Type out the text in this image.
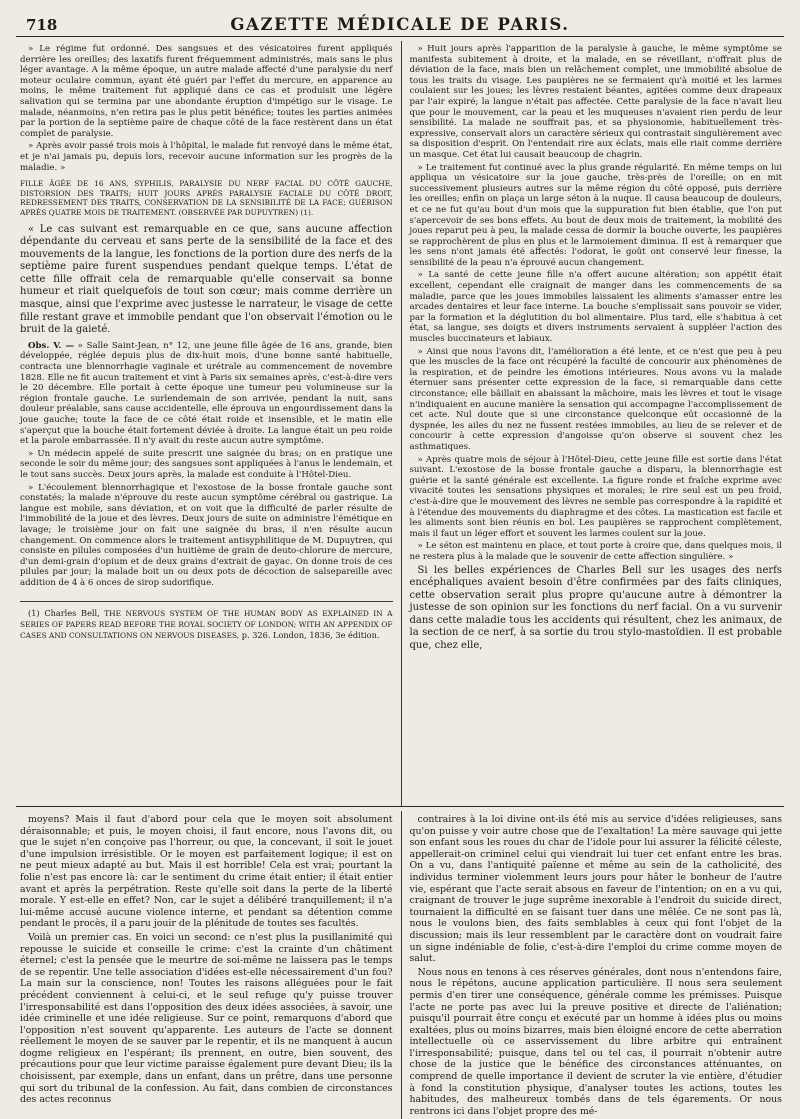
718	GAZETTE MÉDICALE DE PARIS.

» Le régime fut ordonné. Des sangsues et des vésicatoires furent appliqués derrière les oreilles; des laxatifs furent fréquemment administrés, mais sans le plus léger avantage. A la même époque, un autre malade affecté d'une paralysie du nerf moteur oculaire commun, ayant été guéri par l'effet du mercure, en apparence au moins, le même traitement fut appliqué dans ce cas et produisit une légère salivation qui se termina par une abondante éruption d'impétigo sur le visage. Le malade, néanmoins, n'en retira pas le plus petit bénéfice; toutes les parties animées par la portion de la septième paire de chaque côté de la face restèrent dans un état complet de paralysie.

» Après avoir passé trois mois à l'hôpital, le malade fut renvoyé dans le même état, et je n'ai jamais pu, depuis lors, recevoir aucune information sur les progrès de la maladie. »

FILLE ÂGÉE DE 16 ANS, SYPHILIS, PARALYSIE DU NERF FACIAL DU CÔTÉ GAUCHE, DISTORSION DES TRAITS; HUIT JOURS APRÈS PARALYSIE FACIALE DU CÔTÉ DROIT, REDRESSEMENT DES TRAITS, CONSERVATION DE LA SENSIBILITÉ DE LA FACE; GUÉRISON APRÈS QUATRE MOIS DE TRAITEMENT. (OBSERVÉE PAR DUPUYTREN) (1).

« Le cas suivant est remarquable en ce que, sans aucune affection dépendante du cerveau et sans perte de la sensibilité de la face et des mouvements de la langue, les fonctions de la portion dure des nerfs de la septième paire furent suspendues pendant quelque temps. L'état de cette fille offrait cela de remarquable qu'elle conservait sa bonne humeur et riait quelquefois de tout son cœur; mais comme derrière un masque, ainsi que l'exprime avec justesse le narrateur, le visage de cette fille restant grave et immobile pendant que l'on observait l'émotion ou le bruit de la gaieté.

Obs. V. — » Salle Saint-Jean, n° 12, une jeune fille âgée de 16 ans, grande, bien développée, réglée depuis plus de dix-huit mois, d'une bonne santé habituelle, contracta une blennorrhagie vaginale et urétrale au commencement de novembre 1828. Elle ne fit aucun traitement et vint à Paris six semaines après, c'est-à-dire vers le 20 décembre. Elle portait à cette époque une tumeur peu volumineuse sur la région frontale gauche. Le surlendemain de son arrivée, pendant la nuit, sans douleur préalable, sans cause accidentelle, elle éprouva un engourdissement dans la joue gauche; toute la face de ce côté était roide et insensible, et le matin elle s'aperçut que la bouche était fortement déviée à droite. La langue était un peu roide et la parole embarrassée. Il n'y avait du reste aucun autre symptôme.

» Un médecin appelé de suite prescrit une saignée du bras; on en pratique une seconde le soir du même jour; des sangsues sont appliquées à l'anus le lendemain, et le tout sans succès. Deux jours après, la malade est conduite à l'Hôtel-Dieu.

» L'écoulement blennorrhagique et l'exostose de la bosse frontale gauche sont constatés; la malade n'éprouve du reste aucun symptôme cérébral ou gastrique. La langue est mobile, sans déviation, et on voit que la difficulté de parler résulte de l'immobilité de la joue et des lèvres. Deux jours de suite on administre l'émétique en lavage; le troisième jour on fait une saignée du bras, il n'en résulte aucun changement. On commence alors le traitement antisyphilitique de M. Dupuytren, qui consiste en pilules composées d'un huitième de grain de deuto-chlorure de mercure, d'un demi-grain d'opium et de deux grains d'extrait de gayac. On donne trois de ces pilules par jour; la malade boit un ou deux pots de décoction de salsepareille avec addition de 4 à 6 onces de sirop sudorifique.

(1) Charles Bell, THE NERVOUS SYSTEM OF THE HUMAN BODY AS EXPLAINED IN A SERIES OF PAPERS READ BEFORE THE ROYAL SOCIETY OF LONDON; WITH AN APPENDIX OF CASES AND CONSULTATIONS ON NERVOUS DISEASES, p. 326. London, 1836, 3e édition.

» Huit jours après l'apparition de la paralysie à gauche, le même symptôme se manifesta subitement à droite, et la malade, en se réveillant, n'offrait plus de déviation de la face, mais bien un relâchement complet, une immobilité absolue de tous les traits du visage. Les paupières ne se fermaient qu'à moitié et les larmes coulaient sur les joues; les lèvres restaient béantes, agitées comme deux drapeaux par l'air expiré; la langue n'était pas affectée. Cette paralysie de la face n'avait lieu que pour le mouvement, car la peau et les muqueuses n'avaient rien perdu de leur sensibilité. La malade ne souffrait pas, et sa physionomie, habituellement très-expressive, conservait alors un caractère sérieux qui contrastait singulièrement avec sa disposition d'esprit. On l'entendait rire aux éclats, mais elle riait comme derrière un masque. Cet état lui causait beaucoup de chagrin.

» Le traitement fut continué avec la plus grande régularité. En même temps on lui appliqua un vésicatoire sur la joue gauche, très-près de l'oreille; on en mit successivement plusieurs autres sur la même région du côté opposé, puis derrière les oreilles; enfin on plaça un large séton à la nuque. Il causa beaucoup de douleurs, et ce ne fut qu'au bout d'un mois que la suppuration fut bien établie, que l'on put s'apercevoir de ses bons effets. Au bout de deux mois de traitement, la mobilité des joues reparut peu à peu, la malade cessa de dormir la bouche ouverte, les paupières se rapprochèrent de plus en plus et le larmoiement diminua. Il est à remarquer que les sens n'ont jamais été affectés: l'odorat, le goût ont conservé leur finesse, la sensibilité de la peau n'a éprouvé aucun changement.

» La santé de cette jeune fille n'a offert aucune altération; son appétit était excellent, cependant elle craignait de manger dans les commencements de sa maladie, parce que les joues immobiles laissaient les aliments s'amasser entre les arcades dentaires et leur face interne. La bouche s'emplissait sans pouvoir se vider, par la formation et la déglutition du bol alimentaire. Plus tard, elle s'habitua à cet état, sa langue, ses doigts et divers instruments servaient à suppléer l'action des muscles buccinateurs et labiaux.

» Ainsi que nous l'avons dit, l'amélioration a été lente, et ce n'est que peu à peu que les muscles de la face ont récupéré la faculté de concourir aux phénomènes de la respiration, et de peindre les émotions intérieures. Nous avons vu la malade éternuer sans présenter cette expression de la face, si remarquable dans cette circonstance; elle bâillait en abaissant la mâchoire, mais les lèvres et tout le visage n'indiquaient en aucune manière la sensation qui accompagne l'accomplissement de cet acte. Nul doute que si une circonstance quelconque eût occasionné de la dyspnée, les ailes du nez ne fussent restées immobiles, au lieu de se relever et de concourir à cette expression d'angoisse qu'on observe si souvent chez les asthmatiques.

» Après quatre mois de séjour à l'Hôtel-Dieu, cette jeune fille est sortie dans l'état suivant. L'exostose de la bosse frontale gauche a disparu, la blennorrhagie est guérie et la santé générale est excellente. La figure ronde et fraîche exprime avec vivacité toutes les sensations physiques et morales; le rire seul est un peu froid, c'est-à-dire que le mouvement des lèvres ne semble pas correspondre à la rapidité et à l'étendue des mouvements du diaphragme et des côtes. La mastication est facile et les aliments sont bien réunis en bol. Les paupières se rapprochent complètement, mais il faut un léger effort et souvent les larmes coulent sur la joue.

» Le séton est maintenu en place, et tout porte à croire que, dans quelques mois, il ne restera plus à la malade que le souvenir de cette affection singulière. »

Si les belles expériences de Charles Bell sur les usages des nerfs encéphaliques avaient besoin d'être confirmées par des faits cliniques, cette observation serait plus propre qu'aucune autre à démontrer la justesse de son opinion sur les fonctions du nerf facial. On a vu survenir dans cette maladie tous les accidents qui résultent, chez les animaux, de la section de ce nerf, à sa sortie du trou stylo-mastoïdien. Il est probable que, chez elle,

moyens? Mais il faut d'abord pour cela que le moyen soit absolument déraisonnable; et puis, le moyen choisi, il faut encore, nous l'avons dit, ou que le sujet n'en conçoive pas l'horreur, ou que, la concevant, il soit le jouet d'une impulsion irrésistible. Or le moyen est parfaitement logique; il est on ne peut mieux adapté au but. Mais il est horrible! Cela est vrai; pourtant la folie n'est pas encore là: car le sentiment du crime était entier; il était entier avant et après la perpétration. Reste qu'elle soit dans la perte de la liberté morale. Y est-elle en effet? Non, car le sujet a délibéré tranquillement; il n'a lui-même accusé aucune violence interne, et pendant sa détention comme pendant le procès, il a paru jouir de la plénitude de toutes ses facultés.

Voilà un premier cas. En voici un second: ce n'est plus la pusillanimité qui repousse le suicide et conseille le crime: c'est la crainte d'un châtiment éternel; c'est la pensée que le meurtre de soi-même ne laissera pas le temps de se repentir. Une telle association d'idées est-elle nécessairement d'un fou? La main sur la conscience, non! Toutes les raisons alléguées pour le fait précédent conviennent à celui-ci, et le seul refuge qu'y puisse trouver l'irresponsabilité est dans l'opposition des deux idées associées, à savoir, une idée criminelle et une idée religieuse. Sur ce point, remarquons d'abord que l'opposition n'est souvent qu'apparente. Les auteurs de l'acte se donnent réellement le moyen de se sauver par le repentir, et ils ne manquent à aucun dogme religieux en l'espérant; ils prennent, en outre, bien souvent, des précautions pour que leur victime paraisse également pure devant Dieu; ils la choisissent, par exemple, dans un enfant, dans un prêtre, dans une personne qui sort du tribunal de la confession. Au fait, dans combien de circonstances des actes reconnus

contraires à la loi divine ont-ils été mis au service d'idées religieuses, sans qu'on puisse y voir autre chose que de l'exaltation! La mère sauvage qui jette son enfant sous les roues du char de l'idole pour lui assurer la félicité céleste, appellerait-on criminel celui qui viendrait lui tuer cet enfant entre les bras. On a vu, dans l'antiquité païenne et même au sein de la catholicité, des individus terminer violemment leurs jours pour hâter le bonheur de l'autre vie, espérant que l'acte serait absous en faveur de l'intention; on en a vu qui, craignant de trouver le juge suprême inexorable à l'endroit du suicide direct, tournaient la difficulté en se faisant tuer dans une mêlée. Ce ne sont pas là, nous le voulons bien, des faits semblables à ceux qui font l'objet de la discussion; mais ils leur ressemblent par le caractère dont on voudrait faire un signe indéniable de folie, c'est-à-dire l'emploi du crime comme moyen de salut.

Nous nous en tenons à ces réserves générales, dont nous n'entendons faire, nous le répétons, aucune application particulière. Il nous sera seulement permis d'en tirer une conséquence, générale comme les prémisses. Puisque l'acte ne porte pas avec lui la preuve positive et directe de l'aliénation; puisqu'il pourrait être conçu et exécuté par un homme à idées plus ou moins exaltées, plus ou moins bizarres, mais bien éloigné encore de cette aberration intellectuelle où ce asservissement du libre arbitre qui entraînent l'irresponsabilité; puisque, dans tel ou tel cas, il pourrait n'obtenir autre chose de la justice que le bénéfice des circonstances atténuantes, on comprend de quelle importance il devient de scruter la vie entière, d'étudier à fond la constitution physique, d'analyser toutes les actions, toutes les habitudes, des malheureux tombés dans de tels égarements. Or nous rentrons ici dans l'objet propre des mé-
